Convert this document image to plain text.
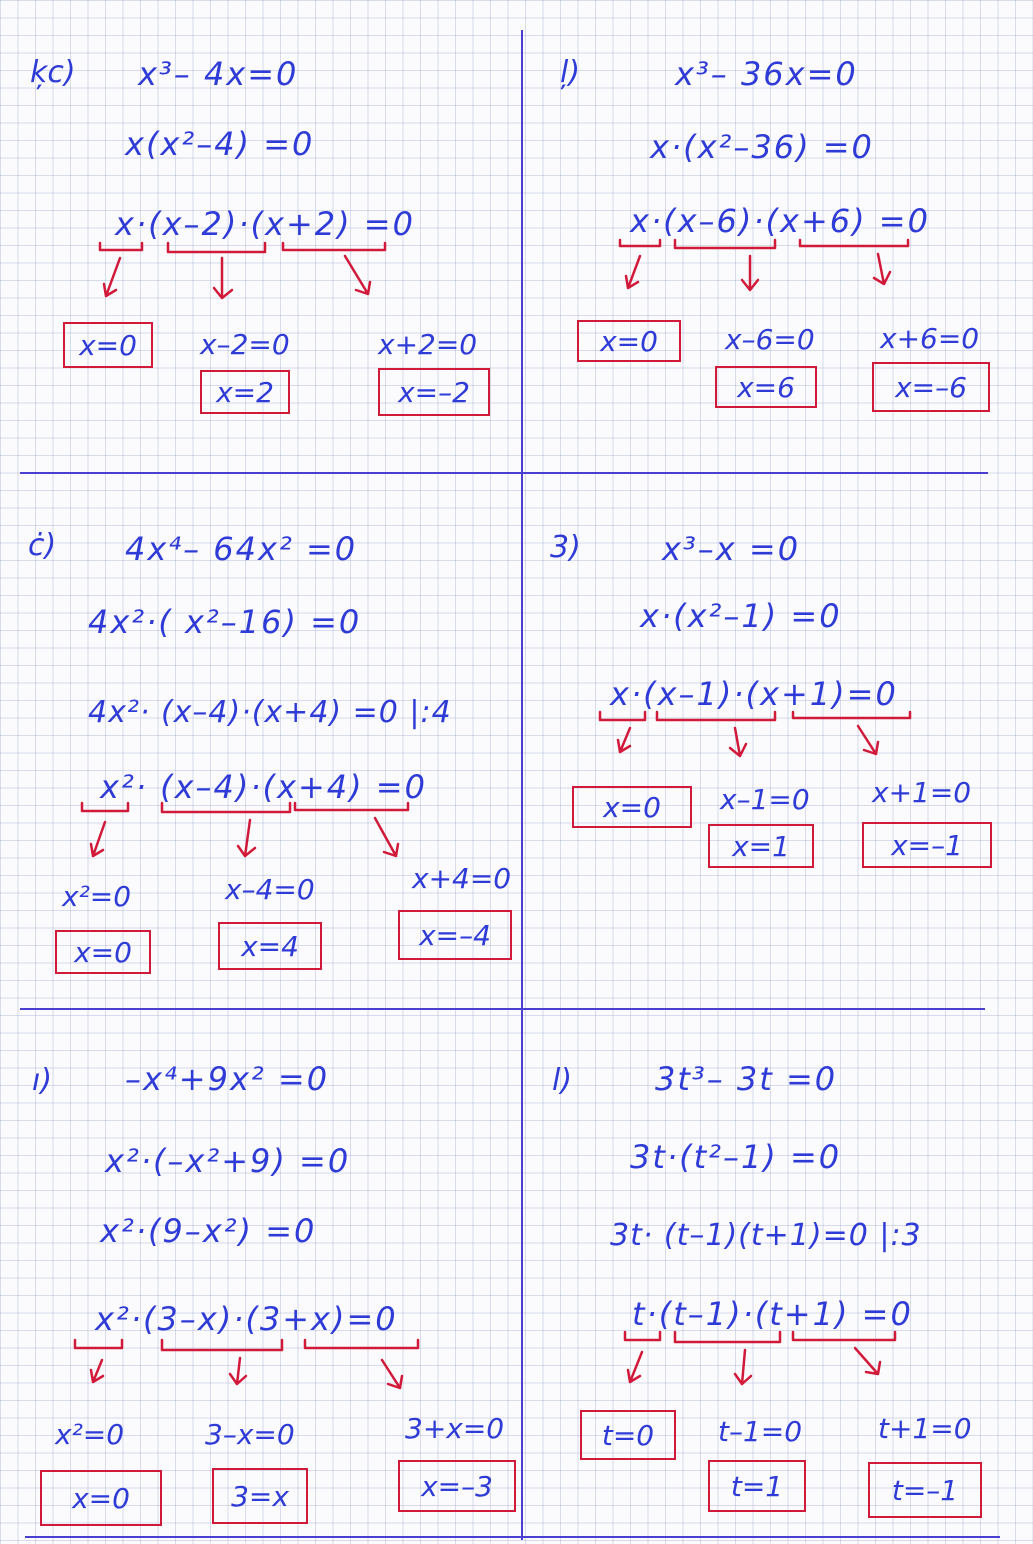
ķc) x³– 4x=0
x(x²–4) =0
x·(x–2)·(x+2) =0
x=0	x–2=0
x=2
x+2=0
x=–2
ļ)	x³– 36x=0
x·(x²–36) =0
x·(x–6)·(x+6) =0
x=0	x–6=0
x=6
x+6=0
x=–6
ċ) 4x⁴– 64x² =0
4x²·( x²–16) =0
4x²· (x–4)·(x+4) =0 |:4
x²· (x–4)·(x+4) =0
x²=0
x=0
x–4=0
x=4
x+4=0
x=–4
3)	x³–x =0
x·(x²–1) =0
x·(x–1)·(x+1)=0
x=0	x–1=0
x=1
x+1=0
x=–1
ı) –x⁴+9x² =0
x²·(–x²+9) =0
x²·(9–x²) =0
x²·(3–x)·(3+x)=0
x²=0
x=0
3–x=0
3=x
3+x=0
x=–3
l)	3t³– 3t =0
3t·(t²–1) =0
3t· (t–1)(t+1)=0 |:3
t·(t–1)·(t+1) =0
t=0	t–1=0
t=1
t+1=0
t=–1
